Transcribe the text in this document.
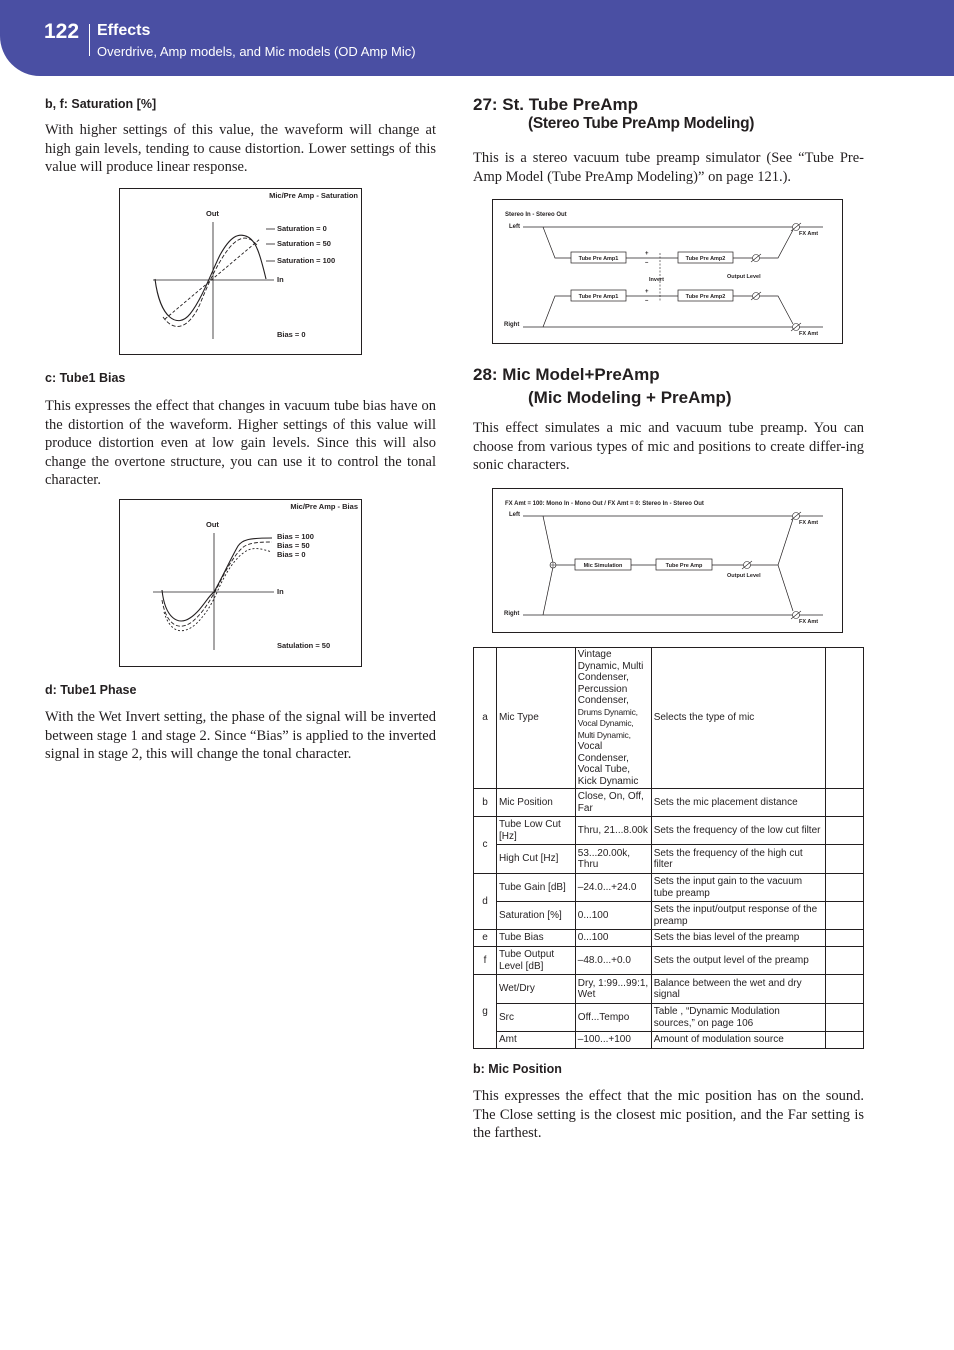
122 Effects
Overdrive, Amp models, and Mic models (OD Amp Mic)
b, f: Saturation [%]
With higher settings of this value, the waveform will change at high gain levels, tending to cause distortion. Lower settings of this value will produce linear response.
Mic/Pre Amp - Saturation
Out
In
Saturation = 0
Saturation = 50
Saturation = 100
Bias = 0
c: Tube1 Bias
This expresses the effect that changes in vacuum tube bias have on the distortion of the waveform. Higher settings of this value will produce distortion even at low gain levels. Since this will also change the overtone structure, you can use it to control the tonal character.
Mic/Pre Amp - Bias
Out
In
Bias = 100
Bias = 50
Bias = 0
Satulation = 50
d: Tube1 Phase
With the Wet Invert setting, the phase of the signal will be inverted between stage 1 and stage 2. Since “Bias” is applied to the inverted signal in stage 2, this will change the tonal character.
27: St. Tube PreAmp
(Stereo Tube PreAmp Modeling)
This is a stereo vacuum tube preamp simulator (See “Tube Pre-Amp Model (Tube PreAmp Modeling)” on page 121.).
Stereo In - Stereo Out
Left
Right
Tube Pre Amp1
Tube Pre Amp1
+
–
+
–
Invert
Tube Pre Amp2
Tube Pre Amp2
Output Level
FX Amt
FX Amt
28: Mic Model+PreAmp
(Mic Modeling + PreAmp)
This effect simulates a mic and vacuum tube preamp. You can choose from various types of mic and positions to create differ-ing sonic characters.
FX Amt = 100: Mono In - Mono Out / FX Amt = 0: Stereo In - Stereo Out
Left
Right
Mic Simulation	Tube Pre Amp
Output Level
FX Amt
FX Amt
a	Mic Type	Vintage Dynamic, Multi Condenser, Percussion Condenser,
Drums Dynamic, Vocal Dynamic, Multi Dynamic,
Vocal Condenser, Vocal Tube, Kick Dynamic	Selects the type of mic	
b	Mic Position	Close, On, Off, Far	Sets the mic placement distance	
c	Tube Low Cut [Hz]	Thru, 21...8.00k	Sets the frequency of the low cut filter	
	High Cut [Hz]	53...20.00k, Thru	Sets the frequency of the high cut filter	
d	Tube Gain [dB]	–24.0...+24.0	Sets the input gain to the vacuum tube preamp	
	Saturation [%]	0...100	Sets the input/output response of the preamp	
e	Tube Bias	0...100	Sets the bias level of the preamp	
f	Tube Output Level [dB]	–48.0...+0.0	Sets the output level of the preamp	
g	Wet/Dry	Dry, 1:99...99:1, Wet	Balance between the wet and dry signal	
	Src	Off...Tempo	Table , “Dynamic Modulation sources,” on page 106	
	Amt	–100...+100	Amount of modulation source	
b: Mic Position
This expresses the effect that the mic position has on the sound. The Close setting is the closest mic position, and the Far setting is the farthest.
